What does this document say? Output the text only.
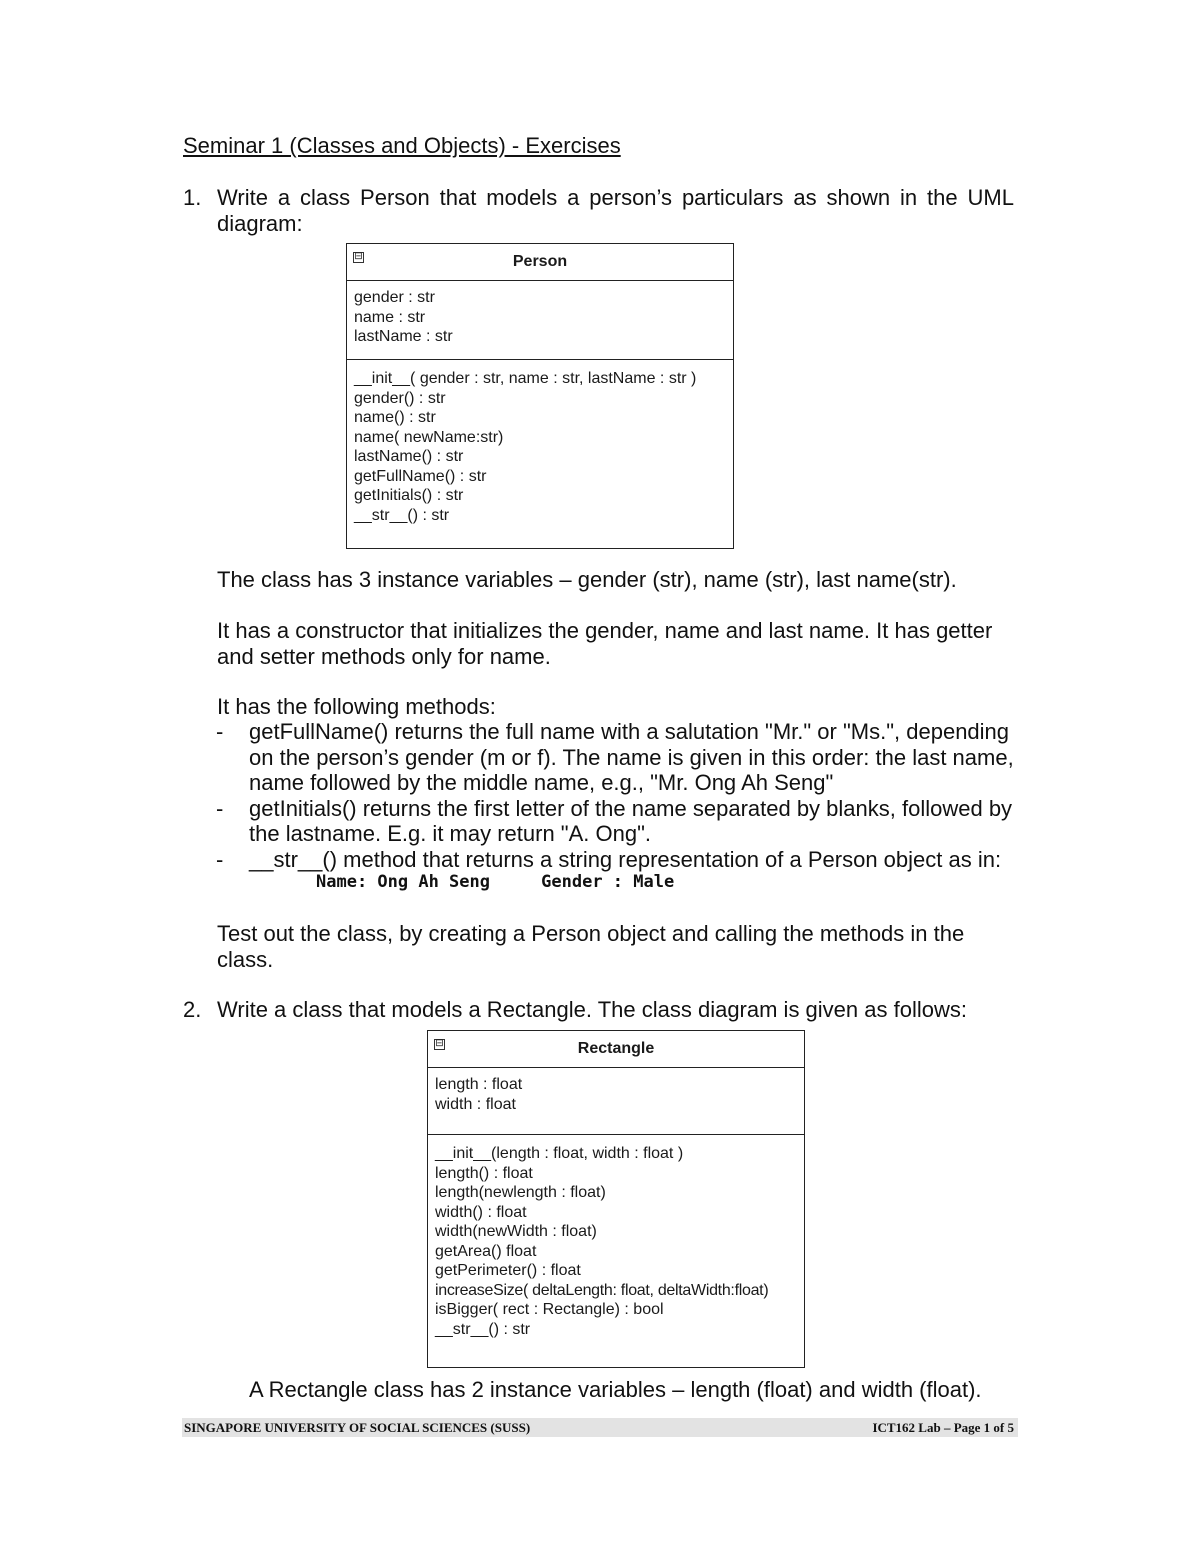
Seminar 1 (Classes and Objects) - Exercises
1. Write a class Person that models a person’s particulars as shown in the UML diagram:
⊟	Person
gender : str
name : str
lastName : str
__init__( gender : str, name : str, lastName : str )
gender() : str
name() : str
name( newName:str)
lastName() : str
getFullName() : str
getInitials() : str
__str__() : str
The class has 3 instance variables – gender (str), name (str), last name(str).
It has a constructor that initializes the gender, name and last name. It has getter and setter methods only for name.
It has the following methods:
- getFullName() returns the full name with a salutation "Mr." or "Ms.", depending on the person’s gender (m or f). The name is given in this order: the last name, name followed by the middle name, e.g., "Mr. Ong Ah Seng"
- getInitials() returns the first letter of the name separated by blanks, followed by the lastname. E.g. it may return "A. Ong".
- __str__() method that returns a string representation of a Person object as in:
Name: Ong Ah Seng     Gender : Male
Test out the class, by creating a Person object and calling the methods in the class.
2. Write a class that models a Rectangle. The class diagram is given as follows:
⊟	Rectangle
length : float
width : float
__init__(length : float, width : float )
length() : float
length(newlength : float)
width() : float
width(newWidth : float)
getArea() float
getPerimeter() : float
increaseSize( deltaLength: float, deltaWidth:float)
isBigger( rect : Rectangle) : bool
__str__() : str
A Rectangle class has 2 instance variables – length (float) and width (float).
SINGAPORE UNIVERSITY OF SOCIAL SCIENCES (SUSS)	ICT162 Lab – Page 1 of 5
